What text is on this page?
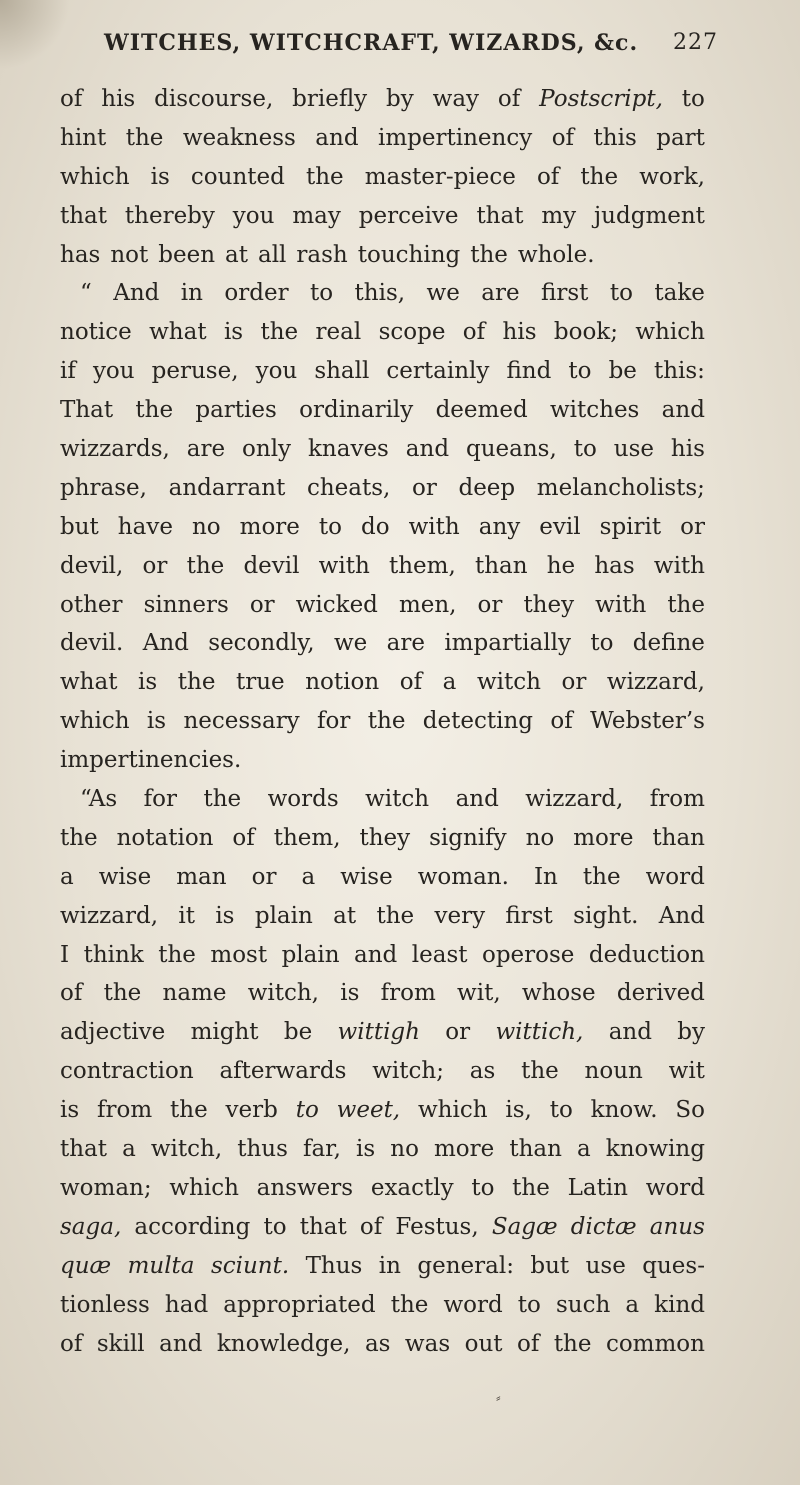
WITCHES, WITCHCRAFT, WIZARDS, &c. 227
of his discourse, briefly by way of Postscript, to
hint the weakness and impertinency of this part
which is counted the master-piece of the work,
that thereby you may perceive that my judgment
has not been at all rash touching the whole.
“ And in order to this, we are first to take
notice what is the real scope of his book; which
if you peruse, you shall certainly find to be this:
That the parties ordinarily deemed witches and
wizzards, are only knaves and queans, to use his
phrase, andarrant cheats, or deep melancholists;
but have no more to do with any evil spirit or
devil, or the devil with them, than he has with
other sinners or wicked men, or they with the
devil. And secondly, we are impartially to define
what is the true notion of a witch or wizzard,
which is necessary for the detecting of Webster’s
impertinencies.
“As for the words witch and wizzard, from
the notation of them, they signify no more than
a wise man or a wise woman. In the word
wizzard, it is plain at the very first sight. And
I think the most plain and least operose deduction
of the name witch, is from wit, whose derived
adjective might be wittigh or wittich, and by
contraction afterwards witch; as the noun wit
is from the verb to weet, which is, to know. So
that a witch, thus far, is no more than a knowing
woman; which answers exactly to the Latin word
saga, according to that of Festus, Sagæ dictæ anus
quæ multa sciunt. Thus in general: but use ques-
tionless had appropriated the word to such a kind
of skill and knowledge, as was out of the common
⸗
